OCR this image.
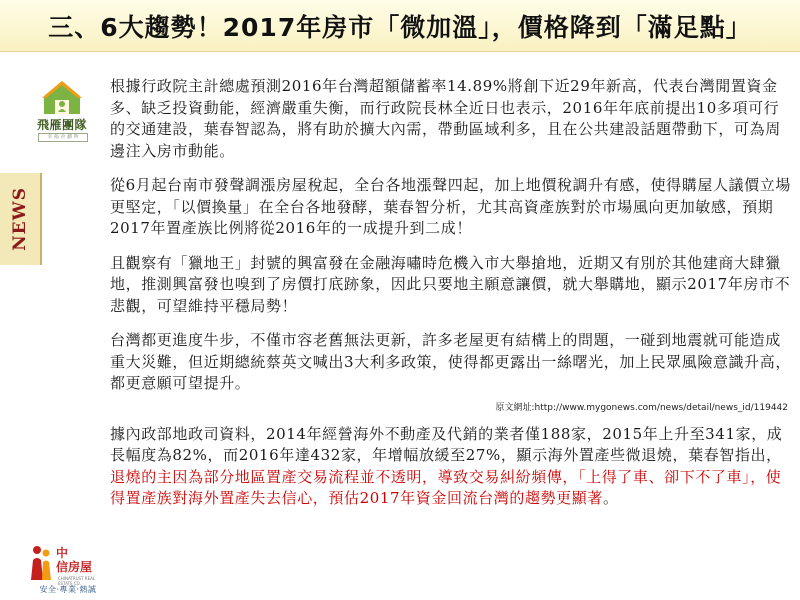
三、6大趨勢！2017年房市「微加溫」，價格降到「滿足點」
飛雁團隊
幸 福 企 劃 所
NEWS

根據行政院主計總處預測2016年台灣超額儲蓄率14.89%將創下近29年新高，代表台灣閒置資金多、缺乏投資動能，經濟嚴重失衡，而行政院長林全近日也表示，2016年年底前提出10多項可行的交通建設，葉春智認為，將有助於擴大內需，帶動區域利多，且在公共建設話題帶動下，可為周邊注入房市動能。

從6月起台南市發聲調漲房屋稅起，全台各地漲聲四起，加上地價稅調升有感，使得購屋人議價立場更堅定，「以價換量」在全台各地發酵，葉春智分析，尤其高資產族對於市場風向更加敏感，預期2017年置產族比例將從2016年的一成提升到二成！

且觀察有「獵地王」封號的興富發在金融海嘯時危機入市大舉搶地，近期又有別於其他建商大肆獵地，推測興富發也嗅到了房價打底跡象，因此只要地主願意讓價，就大舉購地，顯示2017年房市不悲觀，可望維持平穩局勢！

台灣都更進度牛步，不僅市容老舊無法更新，許多老屋更有結構上的問題，一碰到地震就可能造成重大災難，但近期總統蔡英文喊出3大利多政策，使得都更露出一絲曙光，加上民眾風險意識升高，都更意願可望提升。

原文網址:http://www.mygonews.com/news/detail/news_id/119442

據內政部地政司資料，2014年經營海外不動產及代銷的業者僅188家，2015年上升至341家，成長幅度為82%，而2016年達432家，年增幅放緩至27%，顯示海外置產些微退燒，葉春智指出，退燒的主因為部分地區置產交易流程並不透明，導致交易糾紛頻傳，「上得了車、卻下不了車」，使得置產族對海外置產失去信心，預估2017年資金回流台灣的趨勢更顯著。

中
信房屋
CHINATRUST REAL ESTATE CO.
安全·專業·熱誠
